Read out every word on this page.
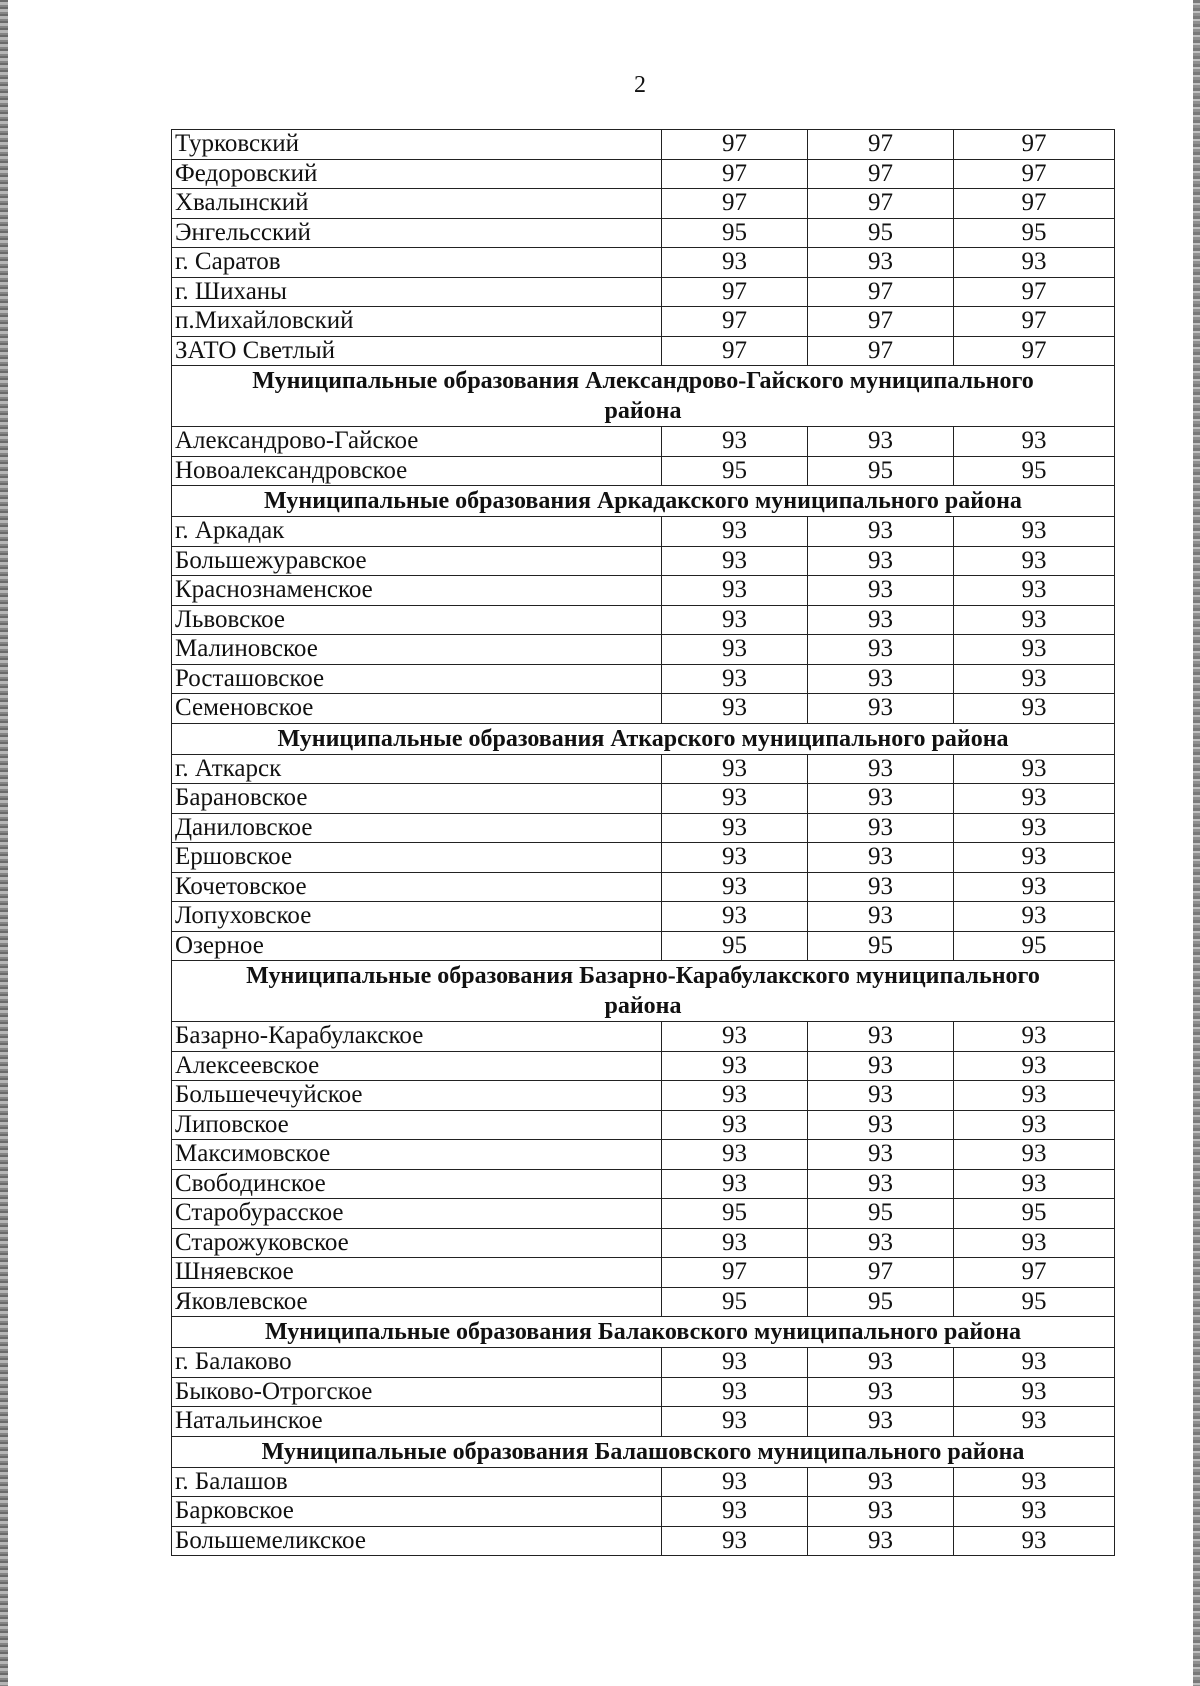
2
Турковский	97	97	97
Федоровский	97	97	97
Хвалынский	97	97	97
Энгельсский	95	95	95
г. Саратов	93	93	93
г. Шиханы	97	97	97
п.Михайловский	97	97	97
ЗАТО Светлый	97	97	97
Муниципальные образования Александрово-Гайского муниципального района			
Александрово-Гайское	93	93	93
Новоалександровское	95	95	95
Муниципальные образования Аркадакского муниципального района			
г. Аркадак	93	93	93
Большежуравское	93	93	93
Краснознаменское	93	93	93
Львовское	93	93	93
Малиновское	93	93	93
Росташовское	93	93	93
Семеновское	93	93	93
Муниципальные образования Аткарского муниципального района			
г. Аткарск	93	93	93
Барановское	93	93	93
Даниловское	93	93	93
Ершовское	93	93	93
Кочетовское	93	93	93
Лопуховское	93	93	93
Озерное	95	95	95
Муниципальные образования Базарно-Карабулакского муниципального района			
Базарно-Карабулакское	93	93	93
Алексеевское	93	93	93
Большечечуйское	93	93	93
Липовское	93	93	93
Максимовское	93	93	93
Свободинское	93	93	93
Старобурасское	95	95	95
Старожуковское	93	93	93
Шняевское	97	97	97
Яковлевское	95	95	95
Муниципальные образования Балаковского муниципального района			
г. Балаково	93	93	93
Быково-Отрогское	93	93	93
Натальинское	93	93	93
Муниципальные образования Балашовского муниципального района			
г. Балашов	93	93	93
Барковское	93	93	93
Большемеликское	93	93	93
